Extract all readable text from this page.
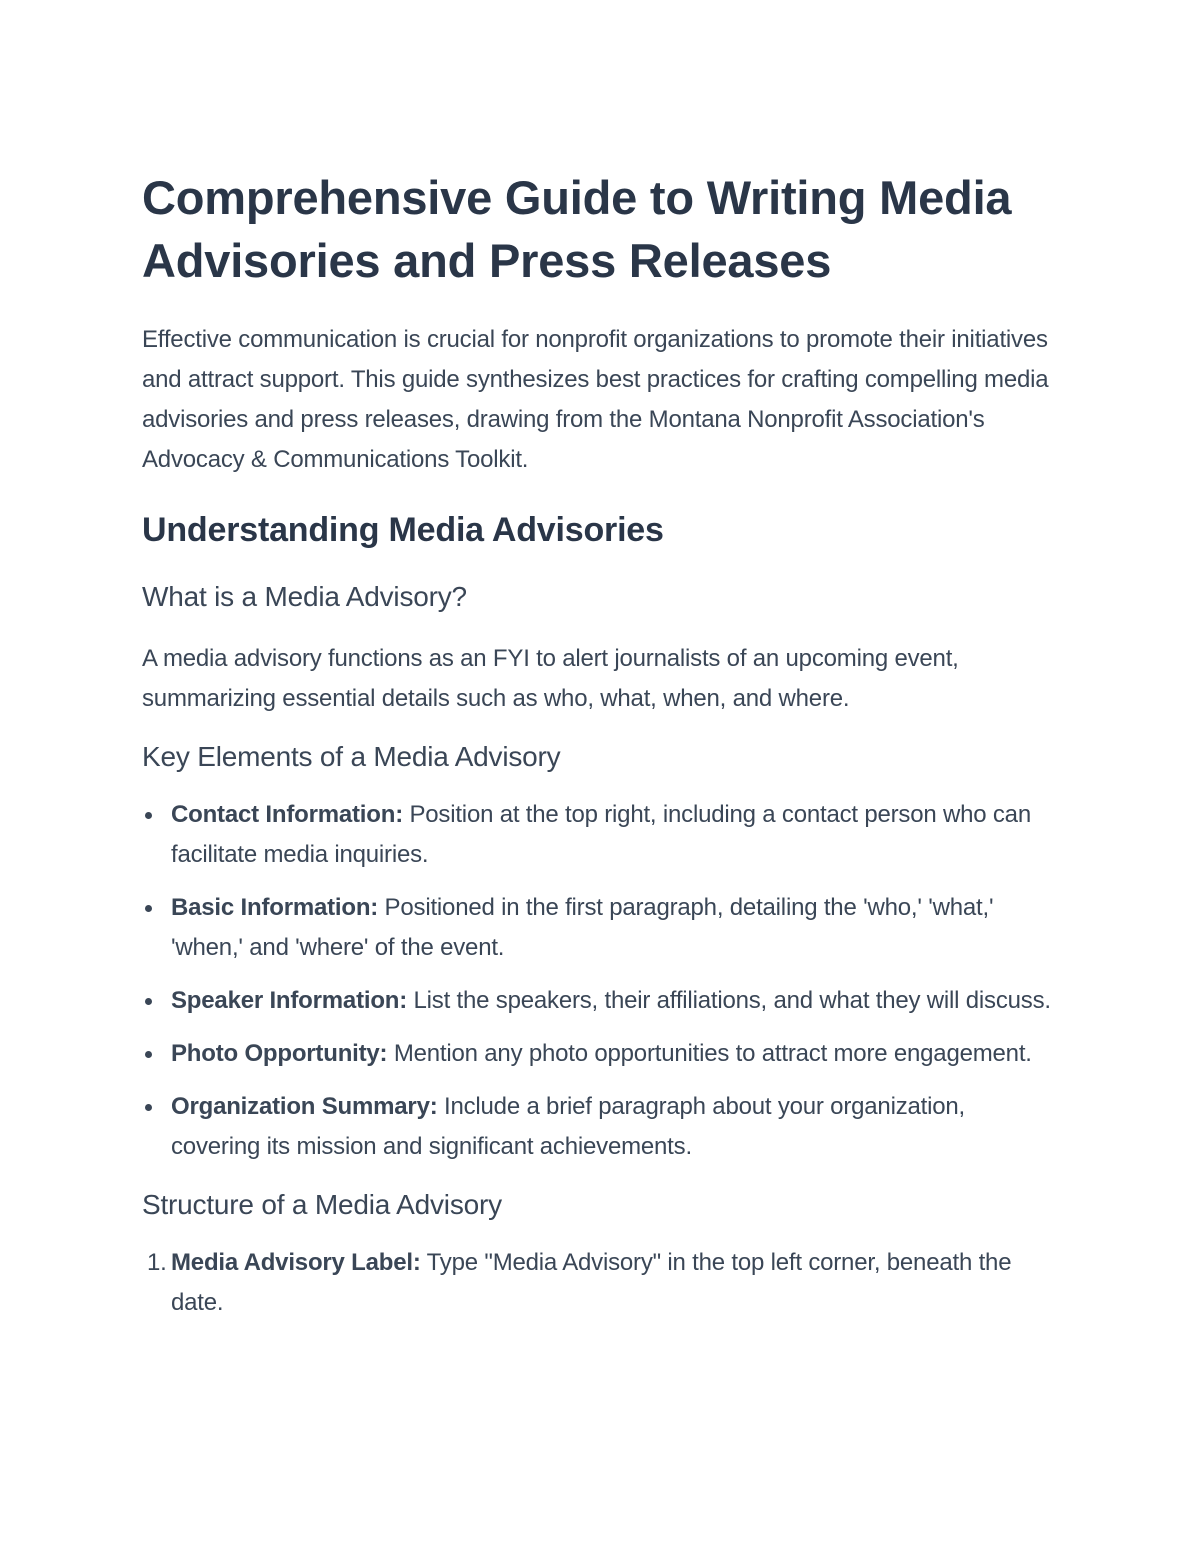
Comprehensive Guide to Writing Media Advisories and Press Releases

Effective communication is crucial for nonprofit organizations to promote their initiatives and attract support. This guide synthesizes best practices for crafting compelling media advisories and press releases, drawing from the Montana Nonprofit Association's Advocacy & Communications Toolkit.

Understanding Media Advisories
What is a Media Advisory?

A media advisory functions as an FYI to alert journalists of an upcoming event, summarizing essential details such as who, what, when, and where.

Key Elements of a Media Advisory
Contact Information: Position at the top right, including a contact person who can facilitate media inquiries.
Basic Information: Positioned in the first paragraph, detailing the 'who,' 'what,' 'when,' and 'where' of the event.
Speaker Information: List the speakers, their affiliations, and what they will discuss.
Photo Opportunity: Mention any photo opportunities to attract more engagement.
Organization Summary: Include a brief paragraph about your organization, covering its mission and significant achievements.
Structure of a Media Advisory
1. Media Advisory Label: Type "Media Advisory" in the top left corner, beneath the date.
